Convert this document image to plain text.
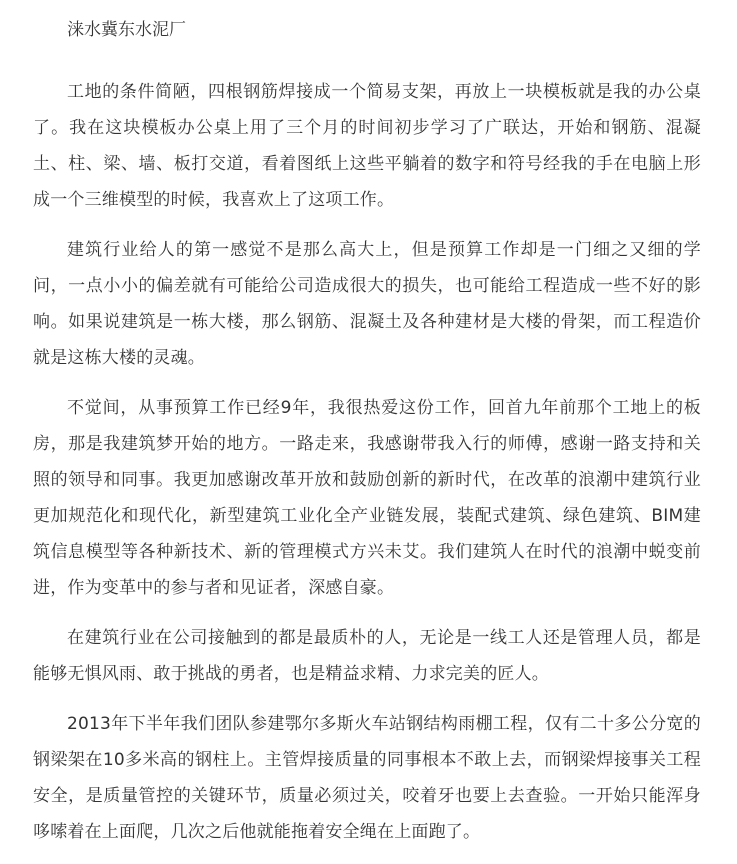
涞水冀东水泥厂

工地的条件简陋，四根钢筋焊接成一个简易支架，再放上一块模板就是我的办公桌了。我在这块模板办公桌上用了三个月的时间初步学习了广联达，开始和钢筋、混凝土、柱、梁、墙、板打交道，看着图纸上这些平躺着的数字和符号经我的手在电脑上形成一个三维模型的时候，我喜欢上了这项工作。

建筑行业给人的第一感觉不是那么高大上，但是预算工作却是一门细之又细的学问，一点小小的偏差就有可能给公司造成很大的损失，也可能给工程造成一些不好的影响。如果说建筑是一栋大楼，那么钢筋、混凝土及各种建材是大楼的骨架，而工程造价就是这栋大楼的灵魂。

不觉间，从事预算工作已经9年，我很热爱这份工作，回首九年前那个工地上的板房，那是我建筑梦开始的地方。一路走来，我感谢带我入行的师傅，感谢一路支持和关照的领导和同事。我更加感谢改革开放和鼓励创新的新时代，在改革的浪潮中建筑行业更加规范化和现代化，新型建筑工业化全产业链发展，装配式建筑、绿色建筑、BIM建筑信息模型等各种新技术、新的管理模式方兴未艾。我们建筑人在时代的浪潮中蜕变前进，作为变革中的参与者和见证者，深感自豪。

在建筑行业在公司接触到的都是最质朴的人，无论是一线工人还是管理人员，都是能够无惧风雨、敢于挑战的勇者，也是精益求精、力求完美的匠人。

2013年下半年我们团队参建鄂尔多斯火车站钢结构雨棚工程，仅有二十多公分宽的钢梁架在10多米高的钢柱上。主管焊接质量的同事根本不敢上去，而钢梁焊接事关工程安全，是质量管控的关键环节，质量必须过关，咬着牙也要上去查验。一开始只能浑身哆嗦着在上面爬，几次之后他就能拖着安全绳在上面跑了。
